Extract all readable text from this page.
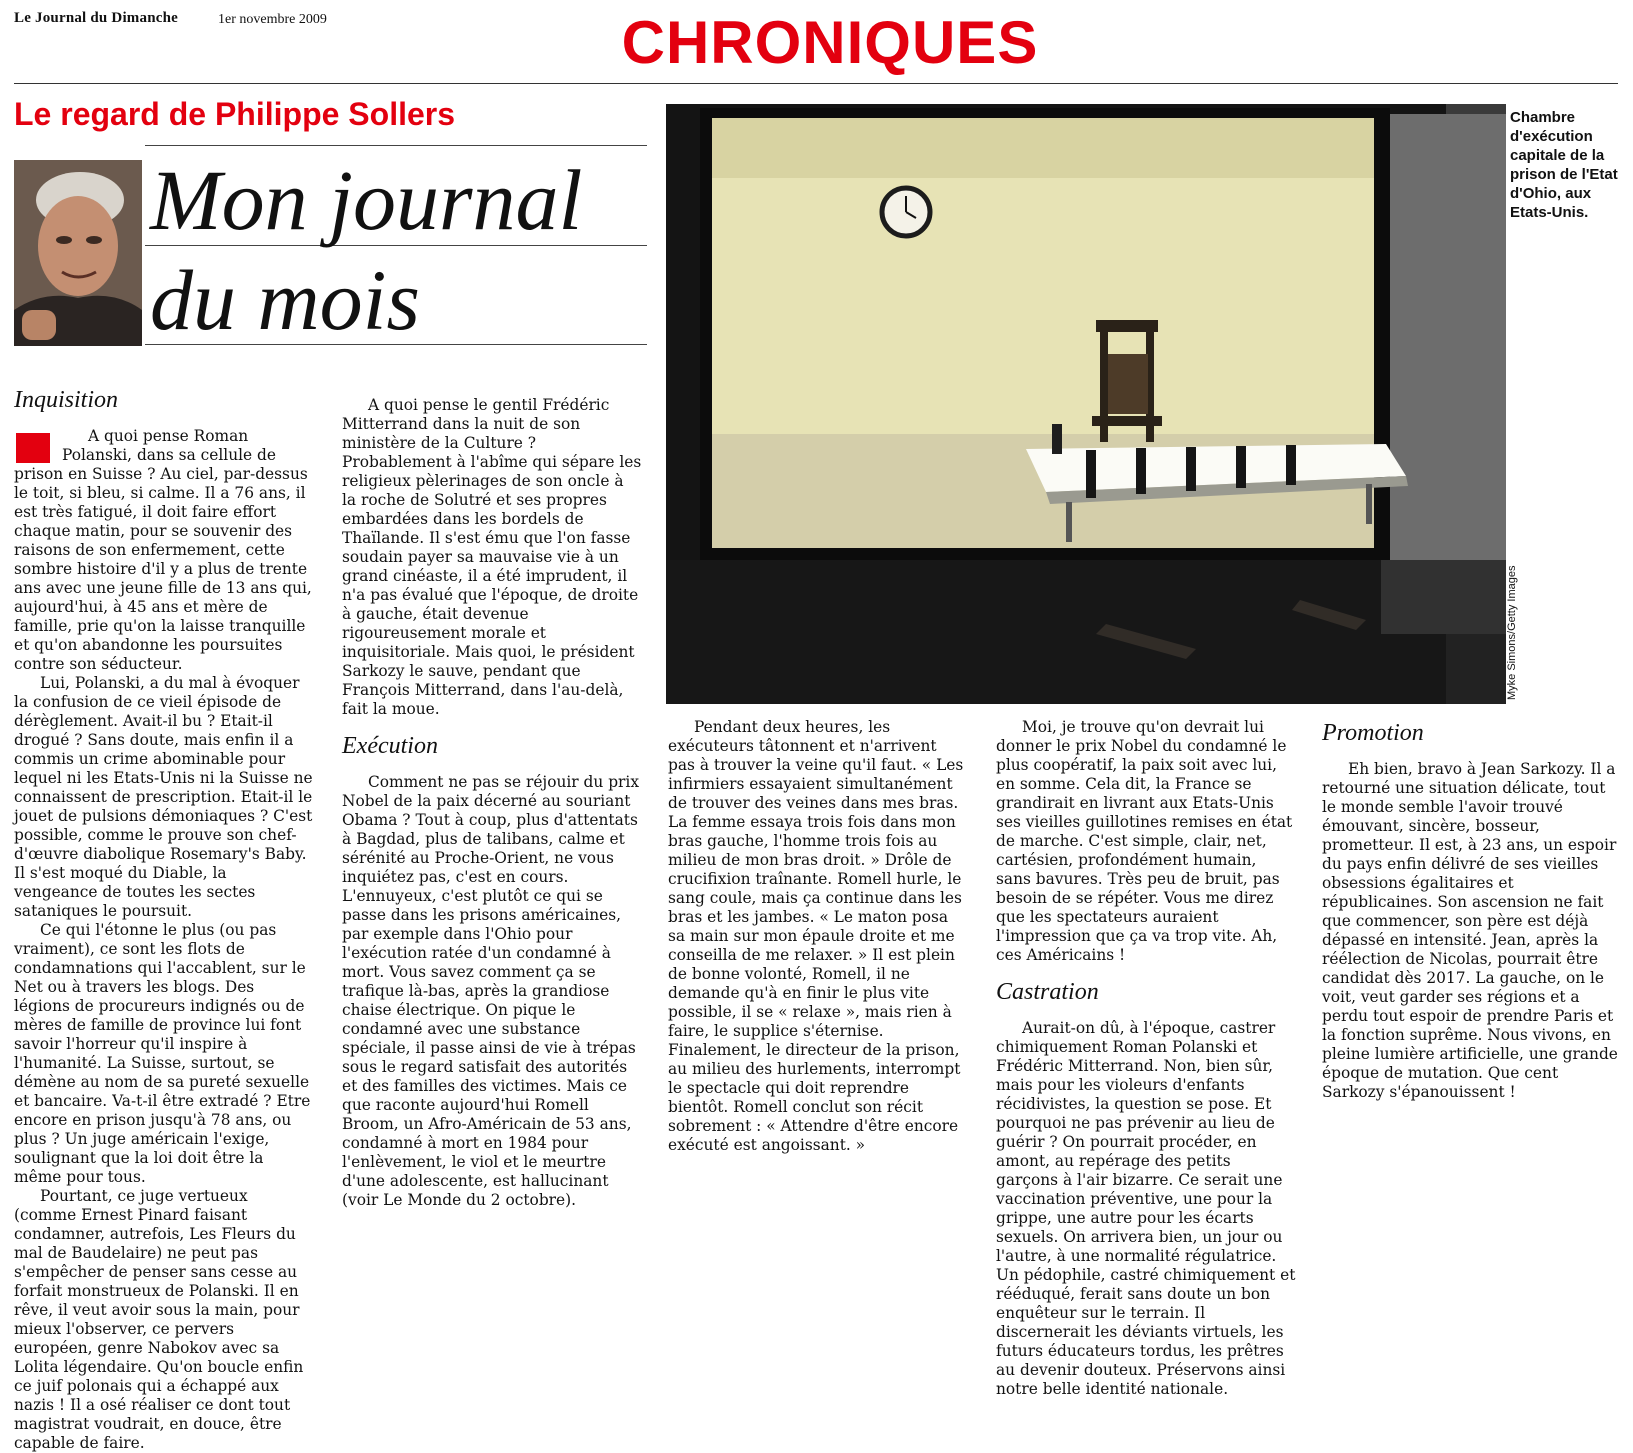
Le Journal du Dimanche	1er novembre 2009	CHRONIQUES
Le regard de Philippe Sollers
Mon journal
du mois
Chambre d'exécution capitale de la prison de l'Etat d'Ohio, aux Etats-Unis.
Myke Simons/Getty Images
Inquisition

A quoi pense Roman Polanski, dans sa cellule de prison en Suisse ? Au ciel, par-dessus le toit, si bleu, si calme. Il a 76 ans, il est très fatigué, il doit faire effort chaque matin, pour se souvenir des raisons de son enfermement, cette sombre histoire d'il y a plus de trente ans avec une jeune fille de 13 ans qui, aujourd'hui, à 45 ans et mère de famille, prie qu'on la laisse tranquille et qu'on abandonne les poursuites contre son séducteur.

Lui, Polanski, a du mal à évoquer la confusion de ce vieil épisode de dérèglement. Avait-il bu ? Etait-il drogué ? Sans doute, mais enfin il a commis un crime abominable pour lequel ni les Etats-Unis ni la Suisse ne connaissent de prescription. Etait-il le jouet de pulsions démoniaques ? C'est possible, comme le prouve son chef-d'œuvre diabolique Rosemary's Baby. Il s'est moqué du Diable, la vengeance de toutes les sectes sataniques le poursuit.

Ce qui l'étonne le plus (ou pas vraiment), ce sont les flots de condamnations qui l'accablent, sur le Net ou à travers les blogs. Des légions de procureurs indignés ou de mères de famille de province lui font savoir l'horreur qu'il inspire à l'humanité. La Suisse, surtout, se démène au nom de sa pureté sexuelle et bancaire. Va-t-il être extradé ? Etre encore en prison jusqu'à 78 ans, ou plus ? Un juge américain l'exige, soulignant que la loi doit être la même pour tous.

Pourtant, ce juge vertueux (comme Ernest Pinard faisant condamner, autrefois, Les Fleurs du mal de Baudelaire) ne peut pas s'empêcher de penser sans cesse au forfait monstrueux de Polanski. Il en rêve, il veut avoir sous la main, pour mieux l'observer, ce pervers européen, genre Nabokov avec sa Lolita légendaire. Qu'on boucle enfin ce juif polonais qui a échappé aux nazis ! Il a osé réaliser ce dont tout magistrat voudrait, en douce, être capable de faire.

A quoi pense le gentil Frédéric Mitterrand dans la nuit de son ministère de la Culture ? Probablement à l'abîme qui sépare les religieux pèlerinages de son oncle à la roche de Solutré et ses propres embardées dans les bordels de Thaïlande. Il s'est ému que l'on fasse soudain payer sa mauvaise vie à un grand cinéaste, il a été imprudent, il n'a pas évalué que l'époque, de droite à gauche, était devenue rigoureusement morale et inquisitoriale. Mais quoi, le président Sarkozy le sauve, pendant que François Mitterrand, dans l'au-delà, fait la moue.

Exécution

Comment ne pas se réjouir du prix Nobel de la paix décerné au souriant Obama ? Tout à coup, plus d'attentats à Bagdad, plus de talibans, calme et sérénité au Proche-Orient, ne vous inquiétez pas, c'est en cours. L'ennuyeux, c'est plutôt ce qui se passe dans les prisons américaines, par exemple dans l'Ohio pour l'exécution ratée d'un condamné à mort. Vous savez comment ça se trafique là-bas, après la grandiose chaise électrique. On pique le condamné avec une substance spéciale, il passe ainsi de vie à trépas sous le regard satisfait des autorités et des familles des victimes. Mais ce que raconte aujourd'hui Romell Broom, un Afro-Américain de 53 ans, condamné à mort en 1984 pour l'enlèvement, le viol et le meurtre d'une adolescente, est hallucinant (voir Le Monde du 2 octobre).

Pendant deux heures, les exécuteurs tâtonnent et n'arrivent pas à trouver la veine qu'il faut. « Les infirmiers essayaient simultanément de trouver des veines dans mes bras. La femme essaya trois fois dans mon bras gauche, l'homme trois fois au milieu de mon bras droit. » Drôle de crucifixion traînante. Romell hurle, le sang coule, mais ça continue dans les bras et les jambes. « Le maton posa sa main sur mon épaule droite et me conseilla de me relaxer. » Il est plein de bonne volonté, Romell, il ne demande qu'à en finir le plus vite possible, il se « relaxe », mais rien à faire, le supplice s'éternise. Finalement, le directeur de la prison, au milieu des hurlements, interrompt le spectacle qui doit reprendre bientôt. Romell conclut son récit sobrement : « Attendre d'être encore exécuté est angoissant. »

Moi, je trouve qu'on devrait lui donner le prix Nobel du condamné le plus coopératif, la paix soit avec lui, en somme. Cela dit, la France se grandirait en livrant aux Etats-Unis ses vieilles guillotines remises en état de marche. C'est simple, clair, net, cartésien, profondément humain, sans bavures. Très peu de bruit, pas besoin de se répéter. Vous me direz que les spectateurs auraient l'impression que ça va trop vite. Ah, ces Américains !

Castration

Aurait-on dû, à l'époque, castrer chimiquement Roman Polanski et Frédéric Mitterrand. Non, bien sûr, mais pour les violeurs d'enfants récidivistes, la question se pose. Et pourquoi ne pas prévenir au lieu de guérir ? On pourrait procéder, en amont, au repérage des petits garçons à l'air bizarre. Ce serait une vaccination préventive, une pour la grippe, une autre pour les écarts sexuels. On arrivera bien, un jour ou l'autre, à une normalité régulatrice. Un pédophile, castré chimiquement et rééduqué, ferait sans doute un bon enquêteur sur le terrain. Il discernerait les déviants virtuels, les futurs éducateurs tordus, les prêtres au devenir douteux. Préservons ainsi notre belle identité nationale.

Promotion

Eh bien, bravo à Jean Sarkozy. Il a retourné une situation délicate, tout le monde semble l'avoir trouvé émouvant, sincère, bosseur, prometteur. Il est, à 23 ans, un espoir du pays enfin délivré de ses vieilles obsessions égalitaires et républicaines. Son ascension ne fait que commencer, son père est déjà dépassé en intensité. Jean, après la réélection de Nicolas, pourrait être candidat dès 2017. La gauche, on le voit, veut garder ses régions et a perdu tout espoir de prendre Paris et la fonction suprême. Nous vivons, en pleine lumière artificielle, une grande époque de mutation. Que cent Sarkozy s'épanouissent !
